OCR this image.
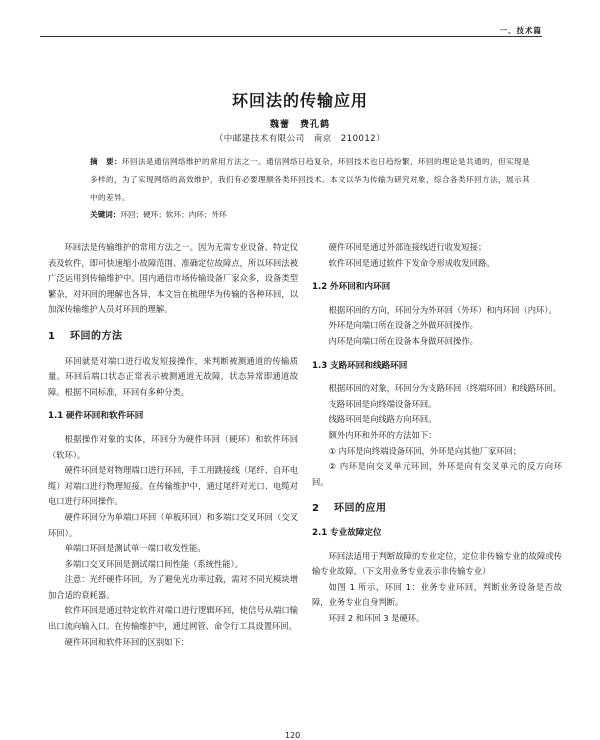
一、技术篇
环回法的传输应用
魏蕾　费孔鹤
（中邮建技术有限公司　南京　210012）

摘　要：环回法是通信网络维护的常用方法之一。通信网络日趋复杂，环回技术也日趋纷繁，环回的理论是共通的，但实现是多样的，为了实现网络的高效维护，我们有必要理顺各类环回技术。本文以华为传输为研究对象，综合各类环回方法，展示其中的差异。

关键词：环回；硬环；软环；内环；外环

环回法是传输维护的常用方法之一。因为无需专业设备、特定仪表及软件，即可快速缩小故障范围、准确定位故障点，所以环回法被广泛运用到传输维护中。国内通信市场传输设备厂家众多，设备类型繁杂，对环回的理解也各异，本文旨在梳理华为传输的各种环回，以加深传输维护人员对环回的理解。

1 环回的方法

环回就是对端口进行收发短接操作，来判断被测通道的传输质量。环回后端口状态正常表示被测通道无故障，状态异常即通道故障。根据不同标准，环回有多种分类。

1.1 硬件环回和软件环回

根据操作对象的实体，环回分为硬件环回（硬环）和软件环回（软环）。

硬件环回是对物理端口进行环回，手工用跳接线（尾纤、自环电缆）对端口进行物理短接。在传输维护中，通过尾纤对光口、电缆对电口进行环回操作。

硬件环回分为单端口环回（单板环回）和多端口交叉环回（交叉环回）。

单端口环回是测试单一端口收发性能。

多端口交叉环回是测试端口间性能（系统性能）。

注意：光纤硬件环回，为了避免光功率过载，需对不同光模块增加合适的衰耗器。

软件环回是通过特定软件对端口进行逻辑环回，使信号从端口输出口流向输入口。在传输维护中，通过网管、命令行工具设置环回。

硬件环回和软件环回的区别如下：

硬件环回是通过外部连接线进行收发短接；

软件环回是通过软件下发命令形成收发回路。

1.2 外环回和内环回

根据环回的方向，环回分为外环回（外环）和内环回（内环）。

外环是向端口所在设备之外做环回操作。

内环是向端口所在设备本身做环回操作。

1.3 支路环回和线路环回

根据环回的对象，环回分为支路环回（终端环回）和线路环回。

支路环回是向终端设备环回。

线路环回是向线路方向环回。

额外内环和外环的方法如下：

① 内环是向终端设备环回，外环是向其他厂家环回；

② 内环是向交叉单元环回，外环是向有交叉单元的反方向环回。

2 环回的应用
2.1 专业故障定位

环回法适用于判断故障的专业定位，定位非传输专业的故障或传输专业故障。（下文用业务专业表示非传输专业）

如图 1 所示，环回 1：业务专业环回，判断业务设备是否故障，业务专业自身判断。

环回 2 和环回 3 是硬环。

120
